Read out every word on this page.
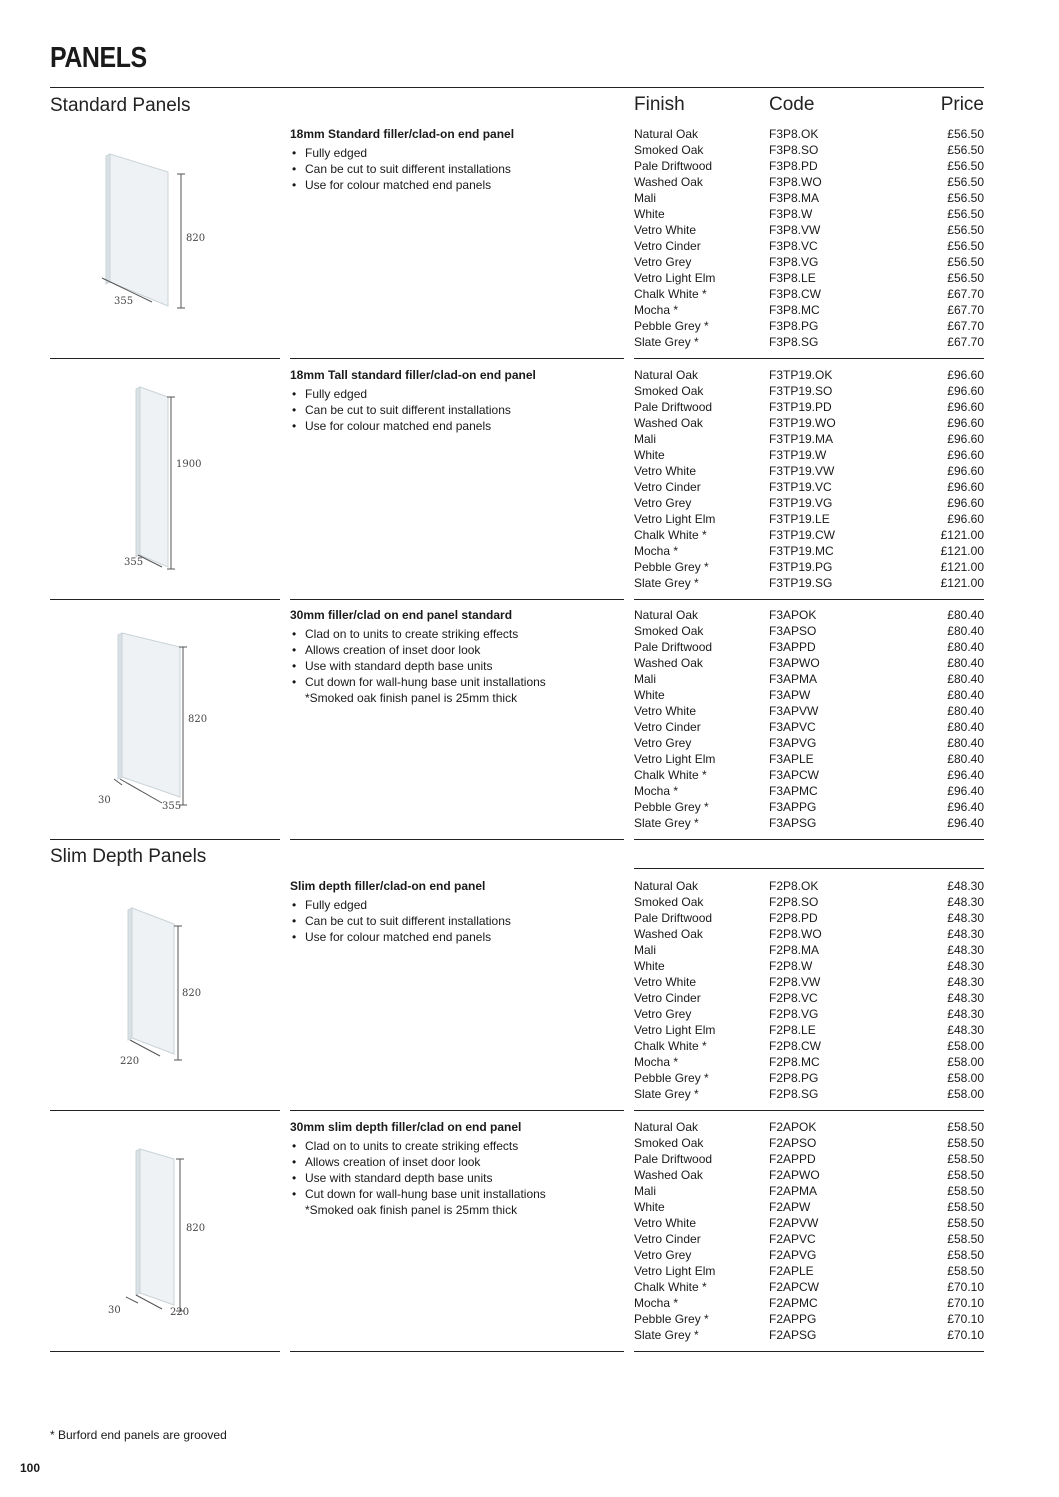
PANELS
Standard Panels	Finish	Code	Price
Slim Depth Panels
820
355
18mm Standard filler/clad-on end panel
• Fully edged
• Can be cut to suit different installations
• Use for colour matched end panels
Natural Oak	F3P8.OK	£56.50
Smoked Oak	F3P8.SO	£56.50
Pale Driftwood	F3P8.PD	£56.50
Washed Oak	F3P8.WO	£56.50
Mali	F3P8.MA	£56.50
White	F3P8.W	£56.50
Vetro White	F3P8.VW	£56.50
Vetro Cinder	F3P8.VC	£56.50
Vetro Grey	F3P8.VG	£56.50
Vetro Light Elm	F3P8.LE	£56.50
Chalk White *	F3P8.CW	£67.70
Mocha *	F3P8.MC	£67.70
Pebble Grey *	F3P8.PG	£67.70
Slate Grey *	F3P8.SG	£67.70
1900
355
18mm Tall standard filler/clad-on end panel
• Fully edged
• Can be cut to suit different installations
• Use for colour matched end panels
Natural Oak	F3TP19.OK	£96.60
Smoked Oak	F3TP19.SO	£96.60
Pale Driftwood	F3TP19.PD	£96.60
Washed Oak	F3TP19.WO	£96.60
Mali	F3TP19.MA	£96.60
White	F3TP19.W	£96.60
Vetro White	F3TP19.VW	£96.60
Vetro Cinder	F3TP19.VC	£96.60
Vetro Grey	F3TP19.VG	£96.60
Vetro Light Elm	F3TP19.LE	£96.60
Chalk White *	F3TP19.CW	£121.00
Mocha *	F3TP19.MC	£121.00
Pebble Grey *	F3TP19.PG	£121.00
Slate Grey *	F3TP19.SG	£121.00
820
355
30
30mm filler/clad on end panel standard
• Clad on to units to create striking effects
• Allows creation of inset door look
• Use with standard depth base units
• Cut down for wall-hung base unit installations
*Smoked oak finish panel is 25mm thick
Natural Oak	F3APOK	£80.40
Smoked Oak	F3APSO	£80.40
Pale Driftwood	F3APPD	£80.40
Washed Oak	F3APWO	£80.40
Mali	F3APMA	£80.40
White	F3APW	£80.40
Vetro White	F3APVW	£80.40
Vetro Cinder	F3APVC	£80.40
Vetro Grey	F3APVG	£80.40
Vetro Light Elm	F3APLE	£80.40
Chalk White *	F3APCW	£96.40
Mocha *	F3APMC	£96.40
Pebble Grey *	F3APPG	£96.40
Slate Grey *	F3APSG	£96.40
820
220
Slim depth filler/clad-on end panel
• Fully edged
• Can be cut to suit different installations
• Use for colour matched end panels
Natural Oak	F2P8.OK	£48.30
Smoked Oak	F2P8.SO	£48.30
Pale Driftwood	F2P8.PD	£48.30
Washed Oak	F2P8.WO	£48.30
Mali	F2P8.MA	£48.30
White	F2P8.W	£48.30
Vetro White	F2P8.VW	£48.30
Vetro Cinder	F2P8.VC	£48.30
Vetro Grey	F2P8.VG	£48.30
Vetro Light Elm	F2P8.LE	£48.30
Chalk White *	F2P8.CW	£58.00
Mocha *	F2P8.MC	£58.00
Pebble Grey *	F2P8.PG	£58.00
Slate Grey *	F2P8.SG	£58.00
820
220
30
30mm slim depth filler/clad on end panel
• Clad on to units to create striking effects
• Allows creation of inset door look
• Use with standard depth base units
• Cut down for wall-hung base unit installations
*Smoked oak finish panel is 25mm thick
Natural Oak	F2APOK	£58.50
Smoked Oak	F2APSO	£58.50
Pale Driftwood	F2APPD	£58.50
Washed Oak	F2APWO	£58.50
Mali	F2APMA	£58.50
White	F2APW	£58.50
Vetro White	F2APVW	£58.50
Vetro Cinder	F2APVC	£58.50
Vetro Grey	F2APVG	£58.50
Vetro Light Elm	F2APLE	£58.50
Chalk White *	F2APCW	£70.10
Mocha *	F2APMC	£70.10
Pebble Grey *	F2APPG	£70.10
Slate Grey *	F2APSG	£70.10
* Burford end panels are grooved
100
